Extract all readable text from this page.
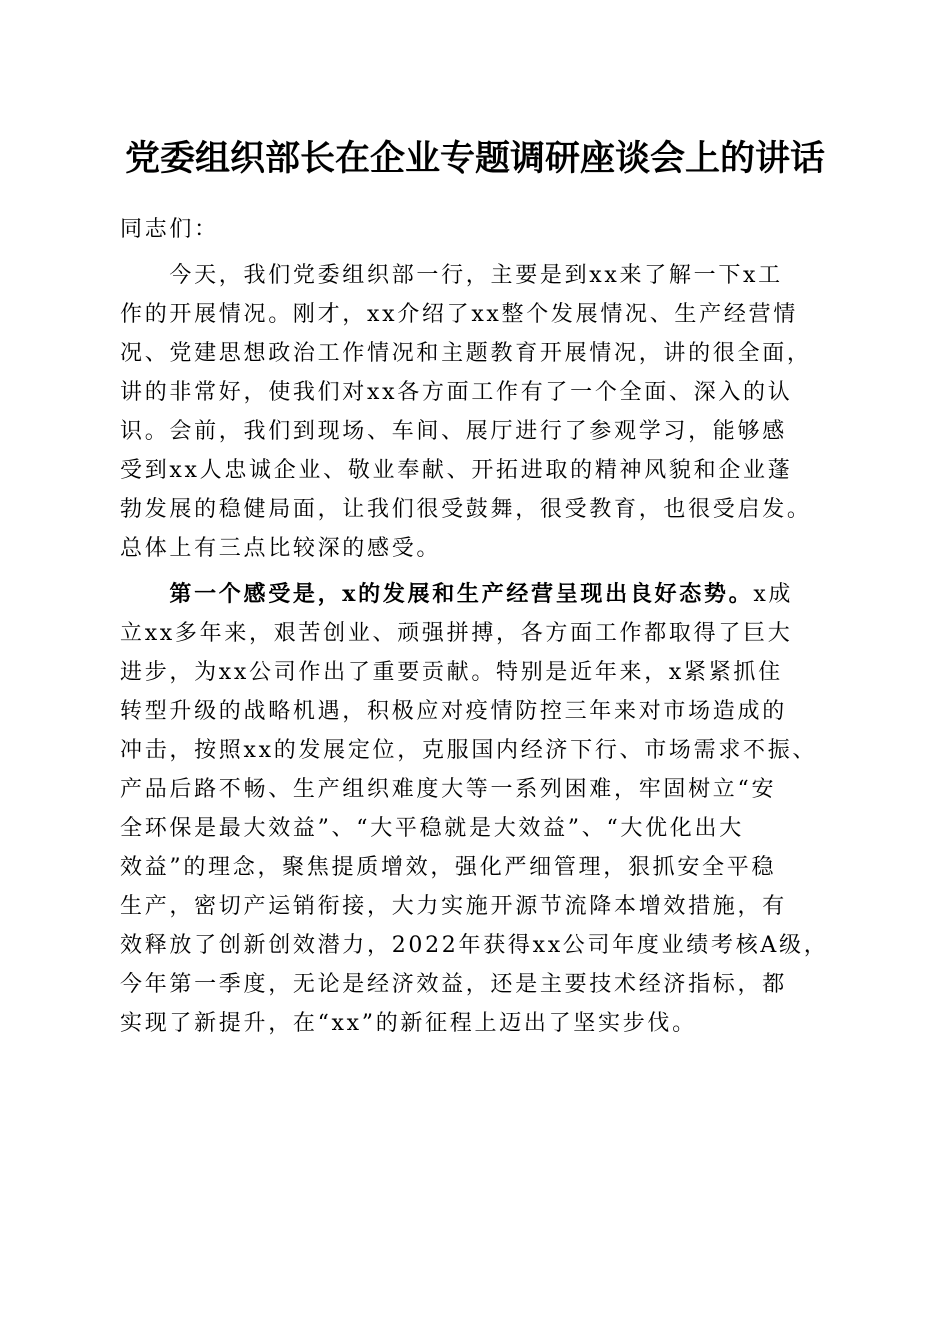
党委组织部长在企业专题调研座谈会上的讲话
同志们：
　　今天，我们党委组织部一行，主要是到xx来了解一下x工
作的开展情况。刚才，xx介绍了xx整个发展情况、生产经营情
况、党建思想政治工作情况和主题教育开展情况，讲的很全面，
讲的非常好，使我们对xx各方面工作有了一个全面、深入的认
识。会前，我们到现场、车间、展厅进行了参观学习，能够感
受到xx人忠诚企业、敬业奉献、开拓进取的精神风貌和企业蓬
勃发展的稳健局面，让我们很受鼓舞，很受教育，也很受启发。
总体上有三点比较深的感受。
　　第一个感受是，x的发展和生产经营呈现出良好态势。x成
立xx多年来，艰苦创业、顽强拼搏，各方面工作都取得了巨大
进步，为xx公司作出了重要贡献。特别是近年来，x紧紧抓住
转型升级的战略机遇，积极应对疫情防控三年来对市场造成的
冲击，按照xx的发展定位，克服国内经济下行、市场需求不振、
产品后路不畅、生产组织难度大等一系列困难，牢固树立“安
全环保是最大效益”、“大平稳就是大效益”、“大优化出大
效益”的理念，聚焦提质增效，强化严细管理，狠抓安全平稳
生产，密切产运销衔接，大力实施开源节流降本增效措施，有
效释放了创新创效潜力，2022年获得xx公司年度业绩考核A级，
今年第一季度，无论是经济效益，还是主要技术经济指标，都
实现了新提升，在“xx”的新征程上迈出了坚实步伐。
